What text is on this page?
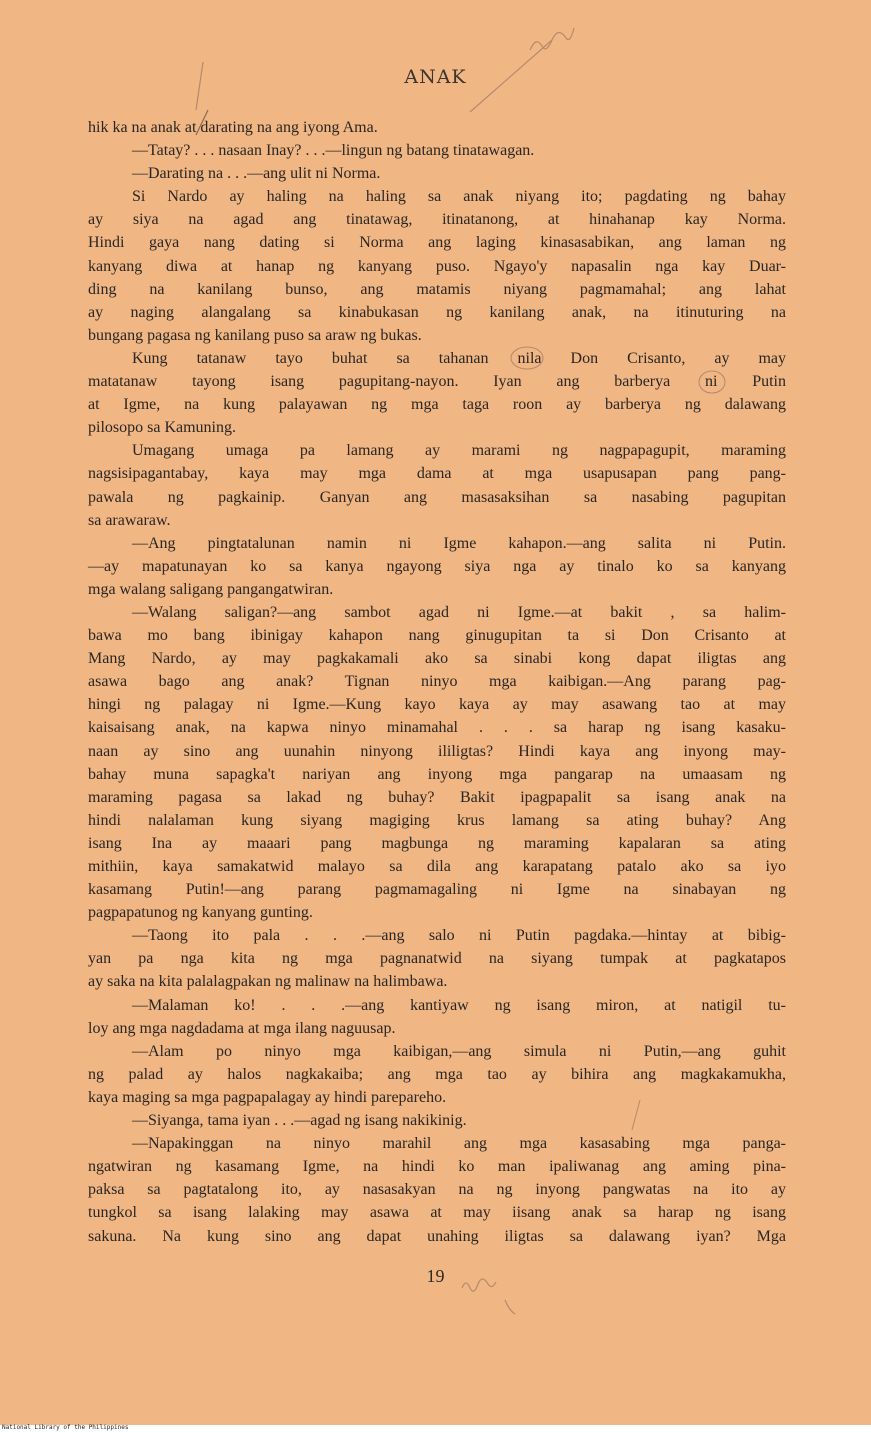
ANAK
hik ka na anak at darating na ang iyong Ama.
—Tatay? . . . nasaan Inay? . . .—lingun ng batang tinatawagan.
—Darating na . . .—ang ulit ni Norma.
Si Nardo ay haling na haling sa anak niyang ito; pagdating ng bahay
ay siya na agad ang tinatawag, itinatanong, at hinahanap kay Norma.
Hindi gaya nang dating si Norma ang laging kinasasabikan, ang laman ng
kanyang diwa at hanap ng kanyang puso. Ngayo'y napasalin nga kay Duar-
ding na kanilang bunso, ang matamis niyang pagmamahal; ang lahat
ay naging alangalang sa kinabukasan ng kanilang anak, na itinuturing na
bungang pagasa ng kanilang puso sa araw ng bukas.
Kung tatanaw tayo buhat sa tahanan nila Don Crisanto, ay may
matatanaw tayong isang pagupitang-nayon. Iyan ang barberya ni Putin
at Igme, na kung palayawan ng mga taga roon ay barberya ng dalawang
pilosopo sa Kamuning.
Umagang umaga pa lamang ay marami ng nagpapagupit, maraming
nagsisipagantabay, kaya may mga dama at mga usapusapan pang pang-
pawala ng pagkainip. Ganyan ang masasaksihan sa nasabing pagupitan
sa arawaraw.
—Ang pingtatalunan namin ni Igme kahapon.—ang salita ni Putin.
—ay mapatunayan ko sa kanya ngayong siya nga ay tinalo ko sa kanyang
mga walang saligang pangangatwiran.
—Walang saligan?—ang sambot agad ni Igme.—at bakit , sa halim-
bawa mo bang ibinigay kahapon nang ginugupitan ta si Don Crisanto at
Mang Nardo, ay may pagkakamali ako sa sinabi kong dapat iligtas ang
asawa bago ang anak? Tignan ninyo mga kaibigan.—Ang parang pag-
hingi ng palagay ni Igme.—Kung kayo kaya ay may asawang tao at may
kaisaisang anak, na kapwa ninyo minamahal . . . sa harap ng isang kasaku-
naan ay sino ang uunahin ninyong ililigtas? Hindi kaya ang inyong may-
bahay muna sapagka't nariyan ang inyong mga pangarap na umaasam ng
maraming pagasa sa lakad ng buhay? Bakit ipagpapalit sa isang anak na
hindi nalalaman kung siyang magiging krus lamang sa ating buhay? Ang
isang Ina ay maaari pang magbunga ng maraming kapalaran sa ating
mithiin, kaya samakatwid malayo sa dila ang karapatang patalo ako sa iyo
kasamang Putin!—ang parang pagmamagaling ni Igme na sinabayan ng
pagpapatunog ng kanyang gunting.
—Taong ito pala . . .—ang salo ni Putin pagdaka.—hintay at bibig-
yan pa nga kita ng mga pagnanatwid na siyang tumpak at pagkatapos
ay saka na kita palalagpakan ng malinaw na halimbawa.
—Malaman ko! . . .—ang kantiyaw ng isang miron, at natigil tu-
loy ang mga nagdadama at mga ilang naguusap.
—Alam po ninyo mga kaibigan,—ang simula ni Putin,—ang guhit
ng palad ay halos nagkakaiba; ang mga tao ay bihira ang magkakamukha,
kaya maging sa mga pagpapalagay ay hindi parepareho.
—Siyanga, tama iyan . . .—agad ng isang nakikinig.
—Napakinggan na ninyo marahil ang mga kasasabing mga panga-
ngatwiran ng kasamang Igme, na hindi ko man ipaliwanag ang aming pina-
paksa sa pagtatalong ito, ay nasasakyan na ng inyong pangwatas na ito ay
tungkol sa isang lalaking may asawa at may iisang anak sa harap ng isang
sakuna. Na kung sino ang dapat unahing iligtas sa dalawang iyan? Mga
19
National Library of the Philippines
